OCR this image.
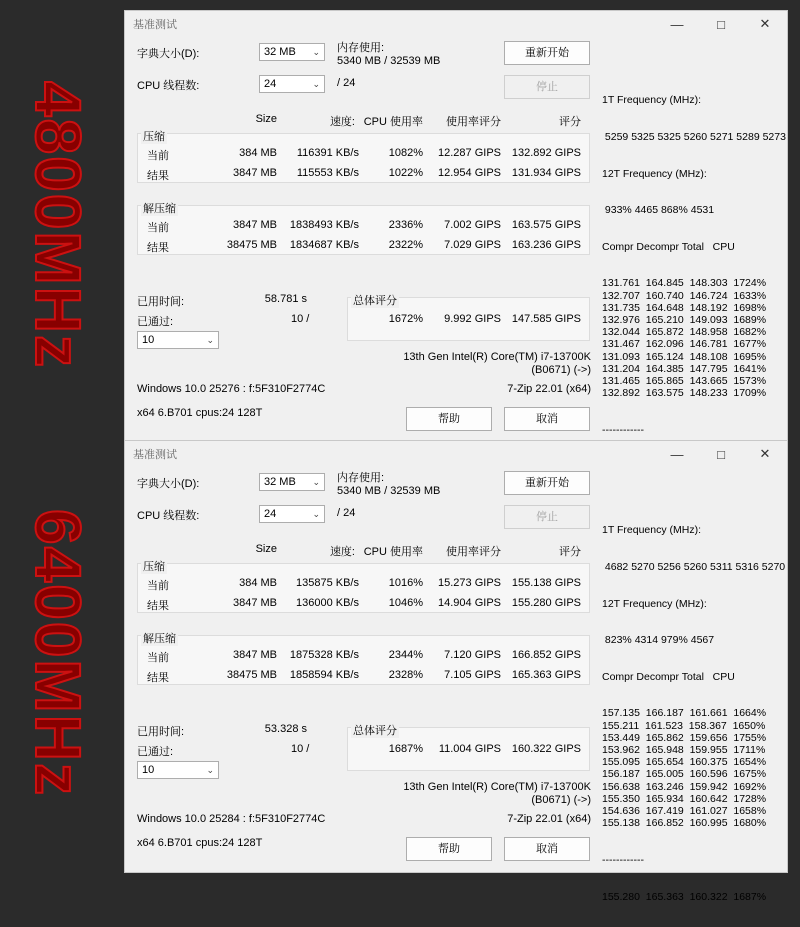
4800MHz
6400MHz
基准测试	—	□	✕
字典大小(D):	32 MB ⌄ 内存使用:
5340 MB / 32539 MB
重新开始
CPU 线程数:	24	⌄ / 24	停止
Size	速度: CPU 使用率	使用率评分	评分
压缩
当前	384 MB	116391 KB/s	1082%	12.287 GIPS 132.892 GIPS
结果	3847 MB	115553 KB/s	1022%	12.954 GIPS 131.934 GIPS
解压缩
当前	3847 MB	1838493 KB/s	2336%	7.002 GIPS 163.575 GIPS
结果	38475 MB	1834687 KB/s	2322%	7.029 GIPS 163.236 GIPS
已用时间:	58.781 s
已通过:	10 /
10	⌄
总体评分
1672%	9.992 GIPS 147.585 GIPS
13th Gen Intel(R) Core(TM) i7-13700K
(B0671) (->)
Windows 10.0 25276 : f:5F310F2774C	7-Zip 22.01 (x64)
x64 6.B701 cpus:24 128T	帮助	取消

1T Frequency (MHz):

5259 5325 5325 5260 5271 5289 5273

12T Frequency (MHz):

933% 4465 868% 4531

Compr Decompr Total   CPU

131.761  164.845  148.303  1724%
132.707  160.740  146.724  1633%
131.735  164.648  148.192  1698%
132.976  165.210  149.093  1689%
132.044  165.872  148.958  1682%
131.467  162.096  146.781  1677%
131.093  165.124  148.108  1695%
131.204  164.385  147.795  1641%
131.465  165.865  143.665  1573%
132.892  163.575  148.233  1709%

------------

基准测试	—	□	✕
字典大小(D):	32 MB ⌄ 内存使用:
5340 MB / 32539 MB
重新开始
CPU 线程数:	24	⌄ / 24	停止
Size	速度: CPU 使用率	使用率评分	评分
压缩
当前	384 MB	135875 KB/s	1016%	15.273 GIPS 155.138 GIPS
结果	3847 MB	136000 KB/s	1046%	14.904 GIPS 155.280 GIPS
解压缩
当前	3847 MB	1875328 KB/s	2344%	7.120 GIPS 166.852 GIPS
结果	38475 MB	1858594 KB/s	2328%	7.105 GIPS 165.363 GIPS
已用时间:	53.328 s
已通过:	10 /
10	⌄
总体评分
1687%	11.004 GIPS 160.322 GIPS
13th Gen Intel(R) Core(TM) i7-13700K
(B0671) (->)
Windows 10.0 25284 : f:5F310F2774C	7-Zip 22.01 (x64)
x64 6.B701 cpus:24 128T	帮助	取消

1T Frequency (MHz):

4682 5270 5256 5260 5311 5316 5270

12T Frequency (MHz):

823% 4314 979% 4567

Compr Decompr Total   CPU

157.135  166.187  161.661  1664%
155.211  161.523  158.367  1650%
153.449  165.862  159.656  1755%
153.962  165.948  159.955  1711%
155.095  165.654  160.375  1654%
156.187  165.005  160.596  1675%
156.638  163.246  159.942  1692%
155.350  165.934  160.642  1728%
154.636  167.419  161.027  1658%
155.138  166.852  160.995  1680%

------------

155.280  165.363  160.322  1687%
